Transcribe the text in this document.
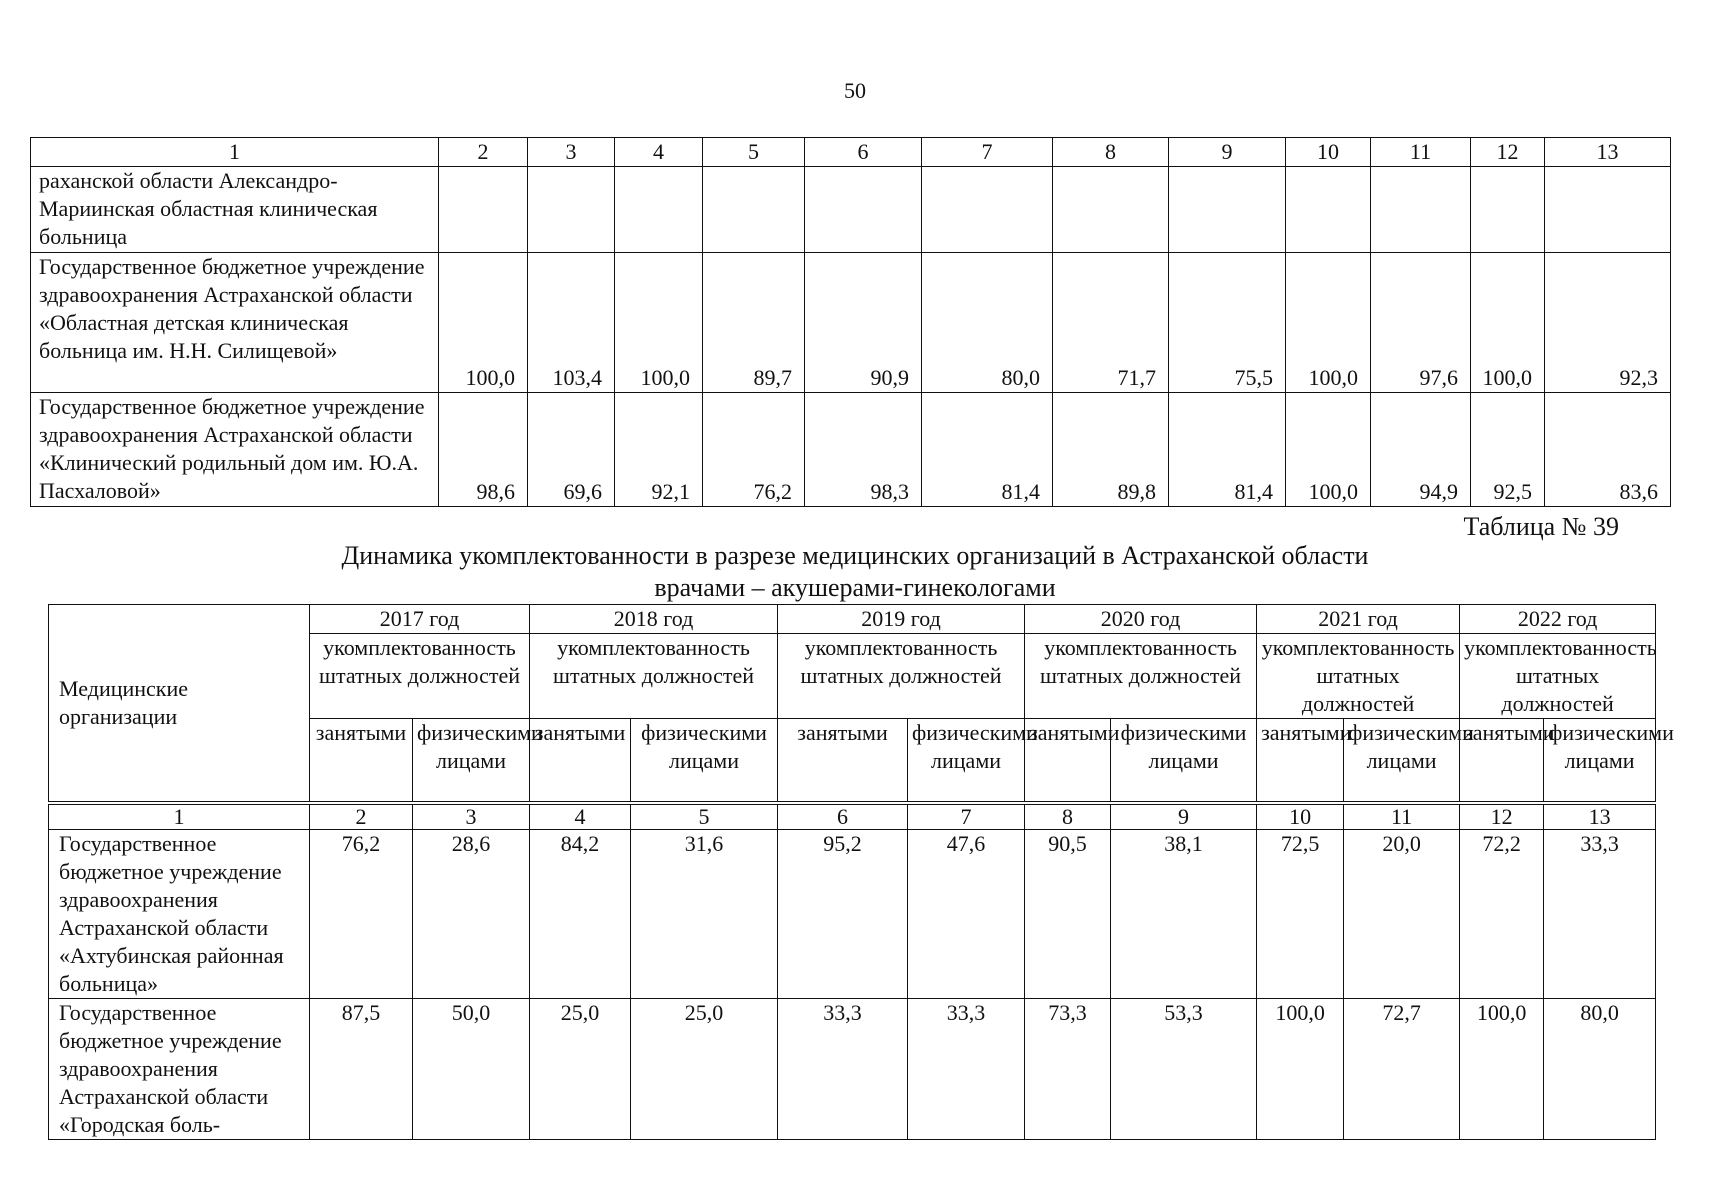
50
1	2	3	4	5	6	7	8	9	10	11	12	13
раханской области Александро-Мариинская областная клиническая больница												
Государственное бюджетное учреждение здравоохранения Астраханской области «Областная детская клиническая больница им. Н.Н. Силищевой»	100,0	103,4	100,0	89,7	90,9	80,0	71,7	75,5	100,0	97,6	100,0	92,3
Государственное бюджетное учреждение здравоохранения Астраханской области «Клинический родильный дом им. Ю.А. Пасхаловой»	98,6	69,6	92,1	76,2	98,3	81,4	89,8	81,4	100,0	94,9	92,5	83,6
Таблица № 39
Динамика укомплектованности в разрезе медицинских организаций в Астраханской области
врачами – акушерами-гинекологами
Медицинские организации	2017 год		2018 год		2019 год		2020 год		2021 год		2022 год	
	укомплектованность штатных должностей		укомплектованность штатных должностей		укомплектованность штатных должностей		укомплектованность штатных должностей		укомплектованность штатных должностей		укомплектованность штатных должностей	
	занятыми	физическими лицами	занятыми	физическими лицами	занятыми	физическими лицами	занятыми	физическими лицами	занятыми	физическими лицами	занятыми	физическими лицами
1	2	3	4	5	6	7	8	9	10	11	12	13
Государственное бюджетное учреждение здравоохранения Астраханской области «Ахтубинская районная больница»	76,2	28,6	84,2	31,6	95,2	47,6	90,5	38,1	72,5	20,0	72,2	33,3
Государственное бюджетное учреждение здравоохранения Астраханской области «Городская боль-	87,5	50,0	25,0	25,0	33,3	33,3	73,3	53,3	100,0	72,7	100,0	80,0
